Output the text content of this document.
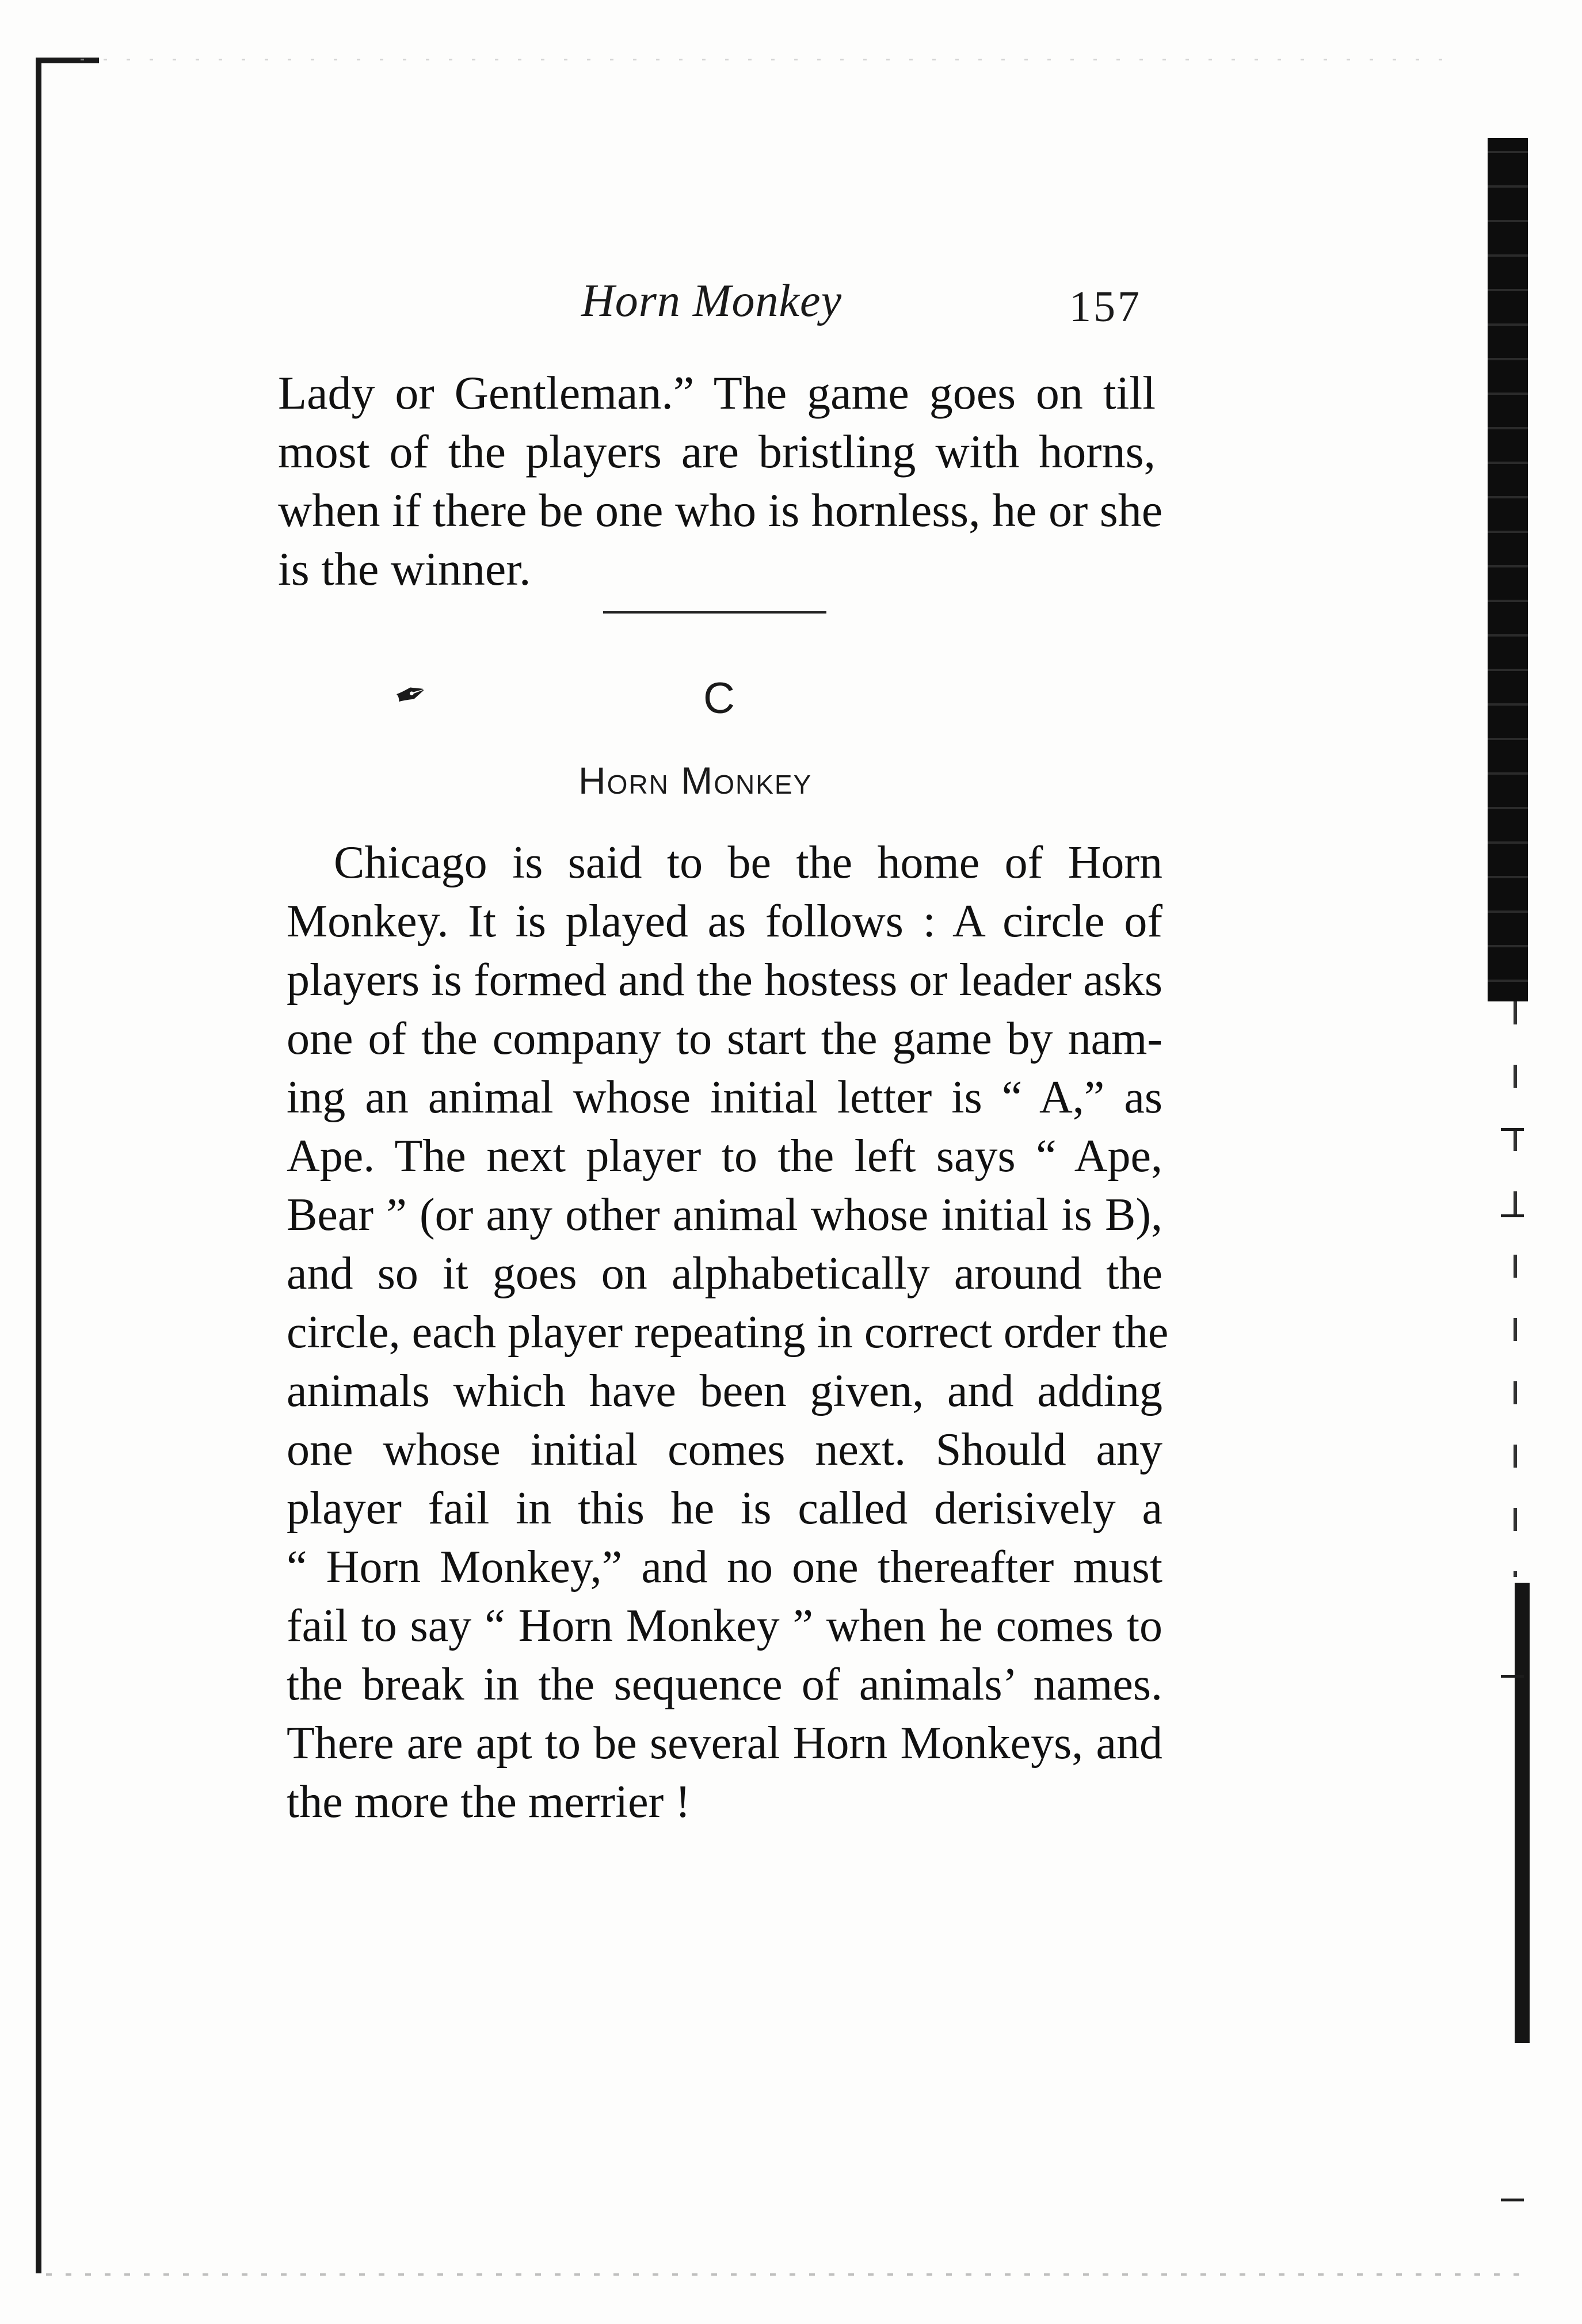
Horn Monkey	157
Lady or Gentleman.” The game goes on till
most of the players are bristling with horns,
when if there be one who is hornless, he or she
is the winner.
✒	C
Horn Monkey
Chicago is said to be the home of Horn
Monkey. It is played as follows : A circle of
players is formed and the hostess or leader asks
one of the company to start the game by nam-
ing an animal whose initial letter is “ A,” as
Ape. The next player to the left says “ Ape,
Bear ” (or any other animal whose initial is B),
and so it goes on alphabetically around the
circle, each player repeating in correct order the
animals which have been given, and adding
one whose initial comes next. Should any
player fail in this he is called derisively a
“ Horn Monkey,” and no one thereafter must
fail to say “ Horn Monkey ” when he comes to
the break in the sequence of animals’ names.
There are apt to be several Horn Monkeys, and
the more the merrier !
